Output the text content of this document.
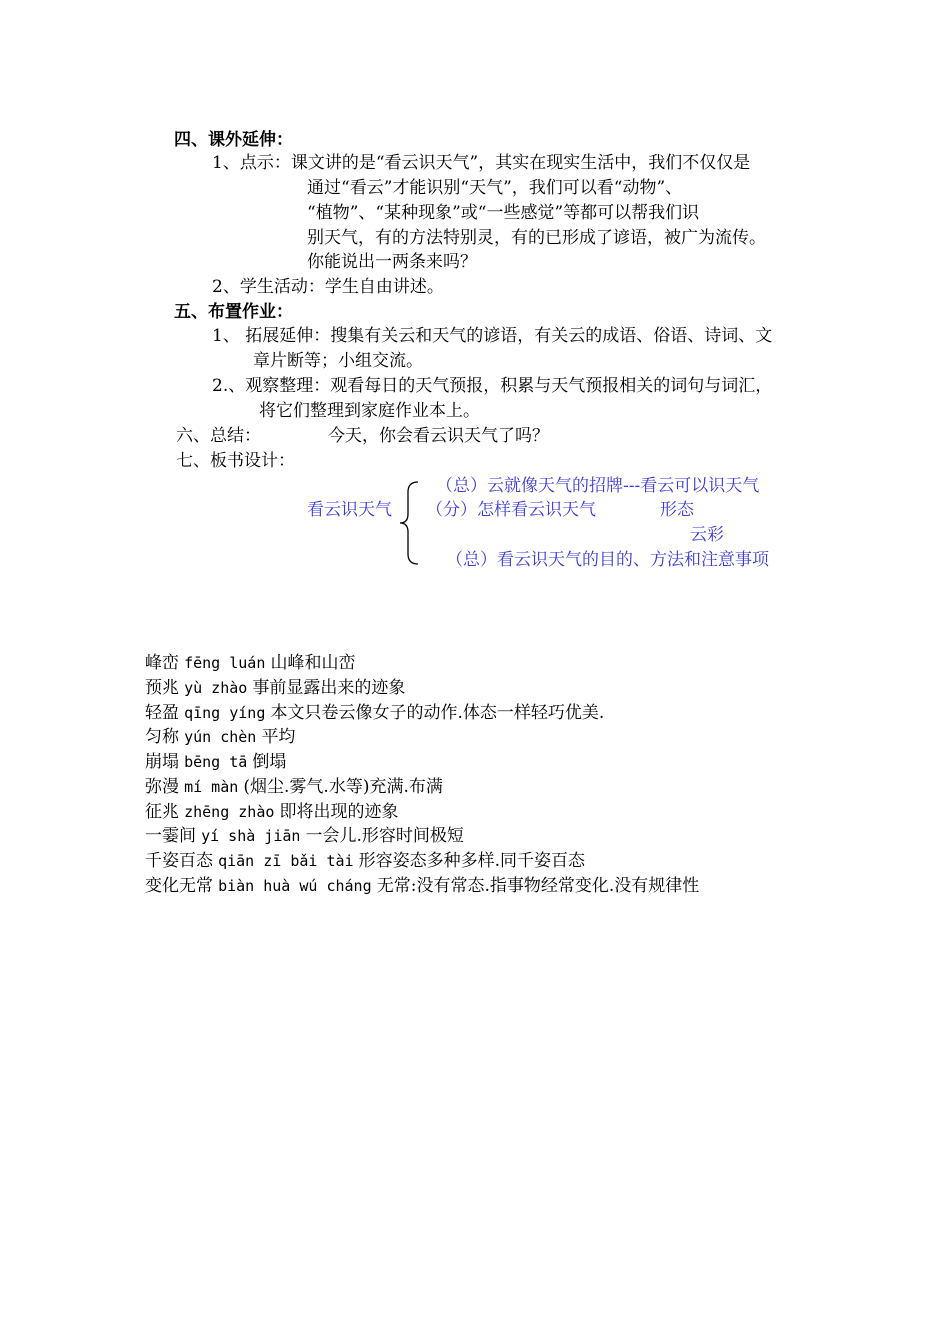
四、课外延伸：
1、点示：课文讲的是“看云识天气”，其实在现实生活中，我们不仅仅是
通过“看云”才能识别“天气”，我们可以看“动物”、
“植物”、“某种现象”或“一些感觉”等都可以帮我们识
别天气，有的方法特别灵，有的已形成了谚语，被广为流传。
你能说出一两条来吗？
2、学生活动：学生自由讲述。
五、布置作业：
1、 拓展延伸：搜集有关云和天气的谚语，有关云的成语、俗语、诗词、文
章片断等；小组交流。
2.、观察整理：观看每日的天气预报，积累与天气预报相关的词句与词汇，
将它们整理到家庭作业本上。
六、总结：	今天，你会看云识天气了吗？
七、板书设计：
看云识天气
（总）云就像天气的招牌---看云可以识天气
（分）怎样看云识天气	形态
云彩
（总）看云识天气的目的、方法和注意事项
峰峦 fēng luán 山峰和山峦
预兆 yù zhào 事前显露出来的迹象
轻盈 qīng yíng 本文只卷云像女子的动作.体态一样轻巧优美.
匀称 yún chèn 平均
崩塌 bēng tā 倒塌
弥漫 mí màn (烟尘.雾气.水等)充满.布满
征兆 zhēng zhào 即将出现的迹象
一霎间 yí shà jiān 一会儿.形容时间极短
千姿百态 qiān zī bǎi tài 形容姿态多种多样.同千姿百态
变化无常 biàn huà wú cháng 无常:没有常态.指事物经常变化.没有规律性
